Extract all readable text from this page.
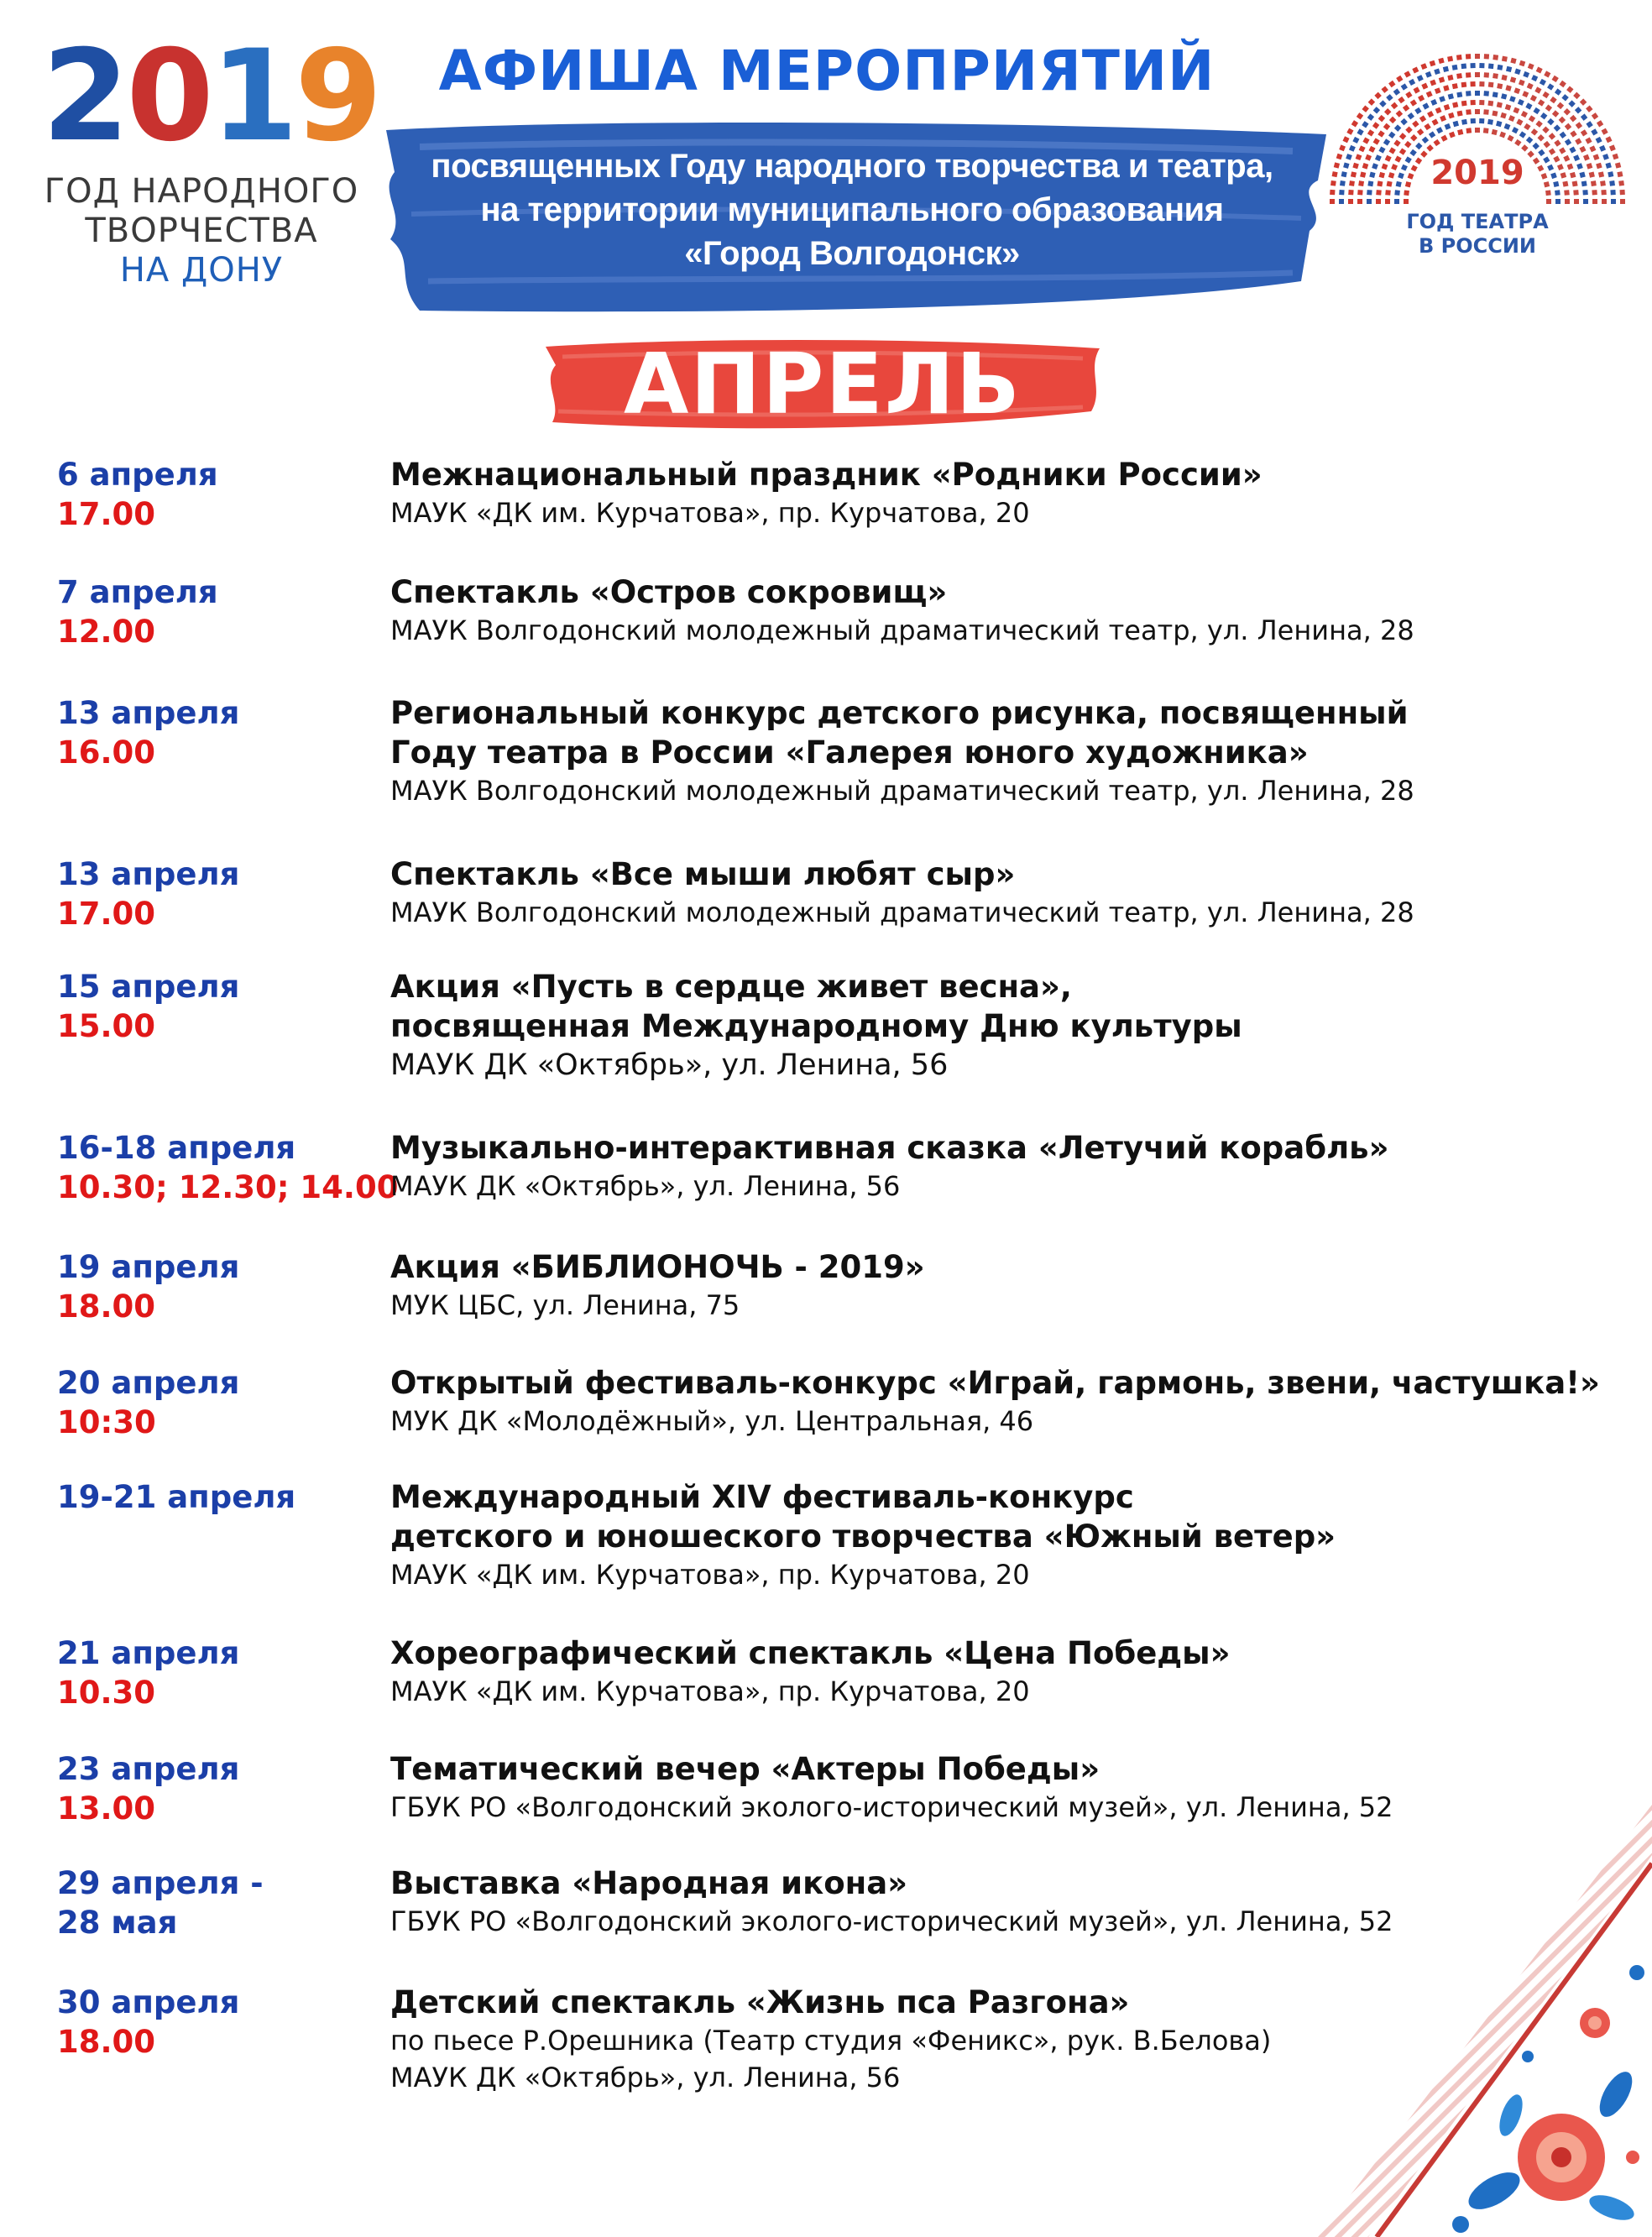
2019
ГОД НАРОДНОГО
ТВОРЧЕСТВА
НА ДОНУ
АФИША МЕРОПРИЯТИЙ
посвященных Году народного творчества и театра,
на территории муниципального образования
«Город Волгодонск»
2019
ГОД ТЕАТРА
В РОССИИ
АПРЕЛЬ
6 апреля
17.00
Межнациональный праздник «Родники России»
МАУК «ДК им. Курчатова», пр. Курчатова, 20
7 апреля
12.00
Спектакль «Остров сокровищ»
МАУК Волгодонский молодежный драматический театр, ул. Ленина, 28
13 апреля
16.00
Региональный конкурс детского рисунка, посвященный
Году театра в России «Галерея юного художника»
МАУК Волгодонский молодежный драматический театр, ул. Ленина, 28
13 апреля
17.00
Спектакль «Все мыши любят сыр»
МАУК Волгодонский молодежный драматический театр, ул. Ленина, 28
15 апреля
15.00
Акция «Пусть в сердце живет весна»,
посвященная Международному Дню культуры
МАУК ДК «Октябрь», ул. Ленина, 56
16-18 апреля
10.30; 12.30; 14.00
Музыкально-интерактивная сказка «Летучий корабль»
МАУК ДК «Октябрь», ул. Ленина, 56
19 апреля
18.00
Акция «БИБЛИОНОЧЬ - 2019»
МУК ЦБС, ул. Ленина, 75
20 апреля
10:30
Открытый фестиваль-конкурс «Играй, гармонь, звени, частушка!»
МУК ДК «Молодёжный», ул. Центральная, 46
19-21 апреля	Международный XIV фестиваль-конкурс
детского и юношеского творчества «Южный ветер»
МАУК «ДК им. Курчатова», пр. Курчатова, 20
21 апреля
10.30
Хореографический спектакль «Цена Победы»
МАУК «ДК им. Курчатова», пр. Курчатова, 20
23 апреля
13.00
Тематический вечер «Актеры Победы»
ГБУК РО «Волгодонский эколого-исторический музей», ул. Ленина, 52
29 апреля -
28 мая
Выставка «Народная икона»
ГБУК РО «Волгодонский эколого-исторический музей», ул. Ленина, 52
30 апреля
18.00
Детский спектакль «Жизнь пса Разгона»
по пьесе Р.Орешника (Театр студия «Феникс», рук. В.Белова)
МАУК ДК «Октябрь», ул. Ленина, 56
